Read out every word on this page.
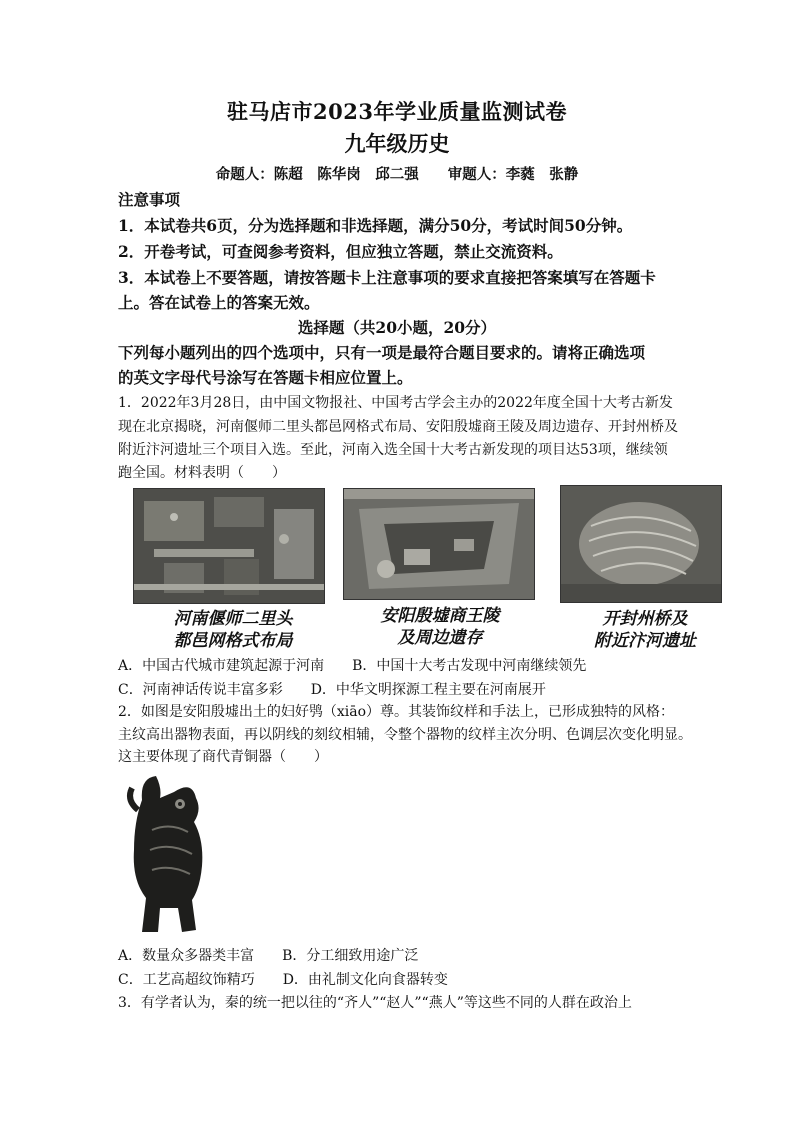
驻马店市2023年学业质量监测试卷
九年级历史
命题人：陈超　陈华岗　邱二强　　审题人：李蕤　张静
注意事项
1．本试卷共6页，分为选择题和非选择题，满分50分，考试时间50分钟。
2．开卷考试，可查阅参考资料，但应独立答题，禁止交流资料。
3．本试卷上不要答题，请按答题卡上注意事项的要求直接把答案填写在答题卡
上。答在试卷上的答案无效。
选择题（共20小题，20分）
下列每小题列出的四个选项中，只有一项是最符合题目要求的。请将正确选项
的英文字母代号涂写在答题卡相应位置上。
1．2022年3月28日，由中国文物报社、中国考古学会主办的2022年度全国十大考古新发
现在北京揭晓，河南偃师二里头都邑网格式布局、安阳殷墟商王陵及周边遗存、开封州桥及
附近汴河遗址三个项目入选。至此，河南入选全国十大考古新发现的项目达53项，继续领
跑全国。材料表明（　　）
河南偃师二里头
都邑网格式布局
安阳殷墟商王陵
及周边遗存
开封州桥及
附近汴河遗址
A．中国古代城市建筑起源于河南　　B．中国十大考古发现中河南继续领先
C．河南神话传说丰富多彩　　D．中华文明探源工程主要在河南展开
2．如图是安阳殷墟出土的妇好鸮（xiāo）尊。其装饰纹样和手法上，已形成独特的风格：
主纹高出器物表面，再以阴线的刻纹相辅，令整个器物的纹样主次分明、色调层次变化明显。
这主要体现了商代青铜器（　　）
A．数量众多器类丰富　　B．分工细致用途广泛
C．工艺高超纹饰精巧　　D．由礼制文化向食器转变
3．有学者认为，秦的统一把以往的“齐人”“赵人”“燕人”等这些不同的人群在政治上
